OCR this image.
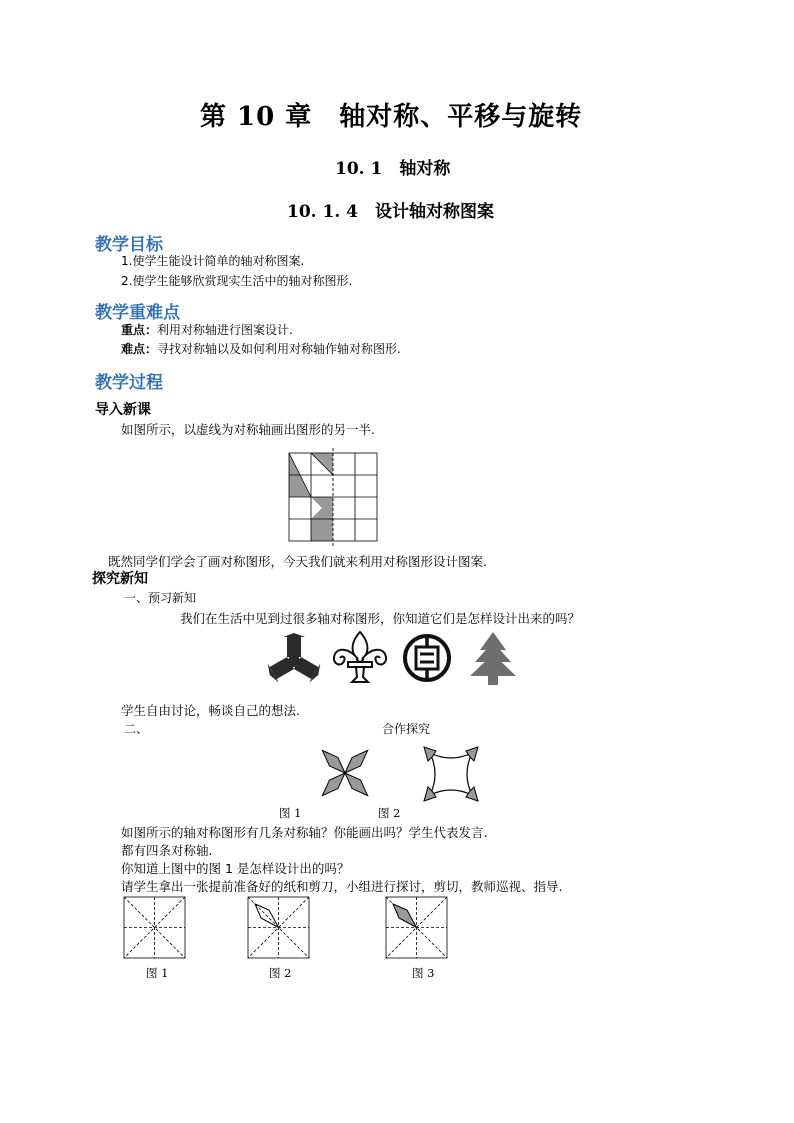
第 10 章　轴对称、平移与旋转
10. 1　轴对称
10. 1. 4　设计轴对称图案
教学目标
1.使学生能设计简单的轴对称图案.
2.使学生能够欣赏现实生活中的轴对称图形.
教学重难点
重点：利用对称轴进行图案设计.
难点：寻找对称轴以及如何利用对称轴作轴对称图形.
教学过程
导入新课
如图所示，以虚线为对称轴画出图形的另一半.
既然同学们学会了画对称图形，今天我们就来利用对称图形设计图案.
探究新知
一、预习新知
我们在生活中见到过很多轴对称图形，你知道它们是怎样设计出来的吗？
学生自由讨论，畅谈自己的想法.
二、	合作探究
图 1	图 2
如图所示的轴对称图形有几条对称轴？你能画出吗？学生代表发言.
都有四条对称轴.
你知道上图中的图 1 是怎样设计出的吗？
请学生拿出一张提前准备好的纸和剪刀，小组进行探讨，剪切，教师巡视、指导.
图 1	图 2	图 3
